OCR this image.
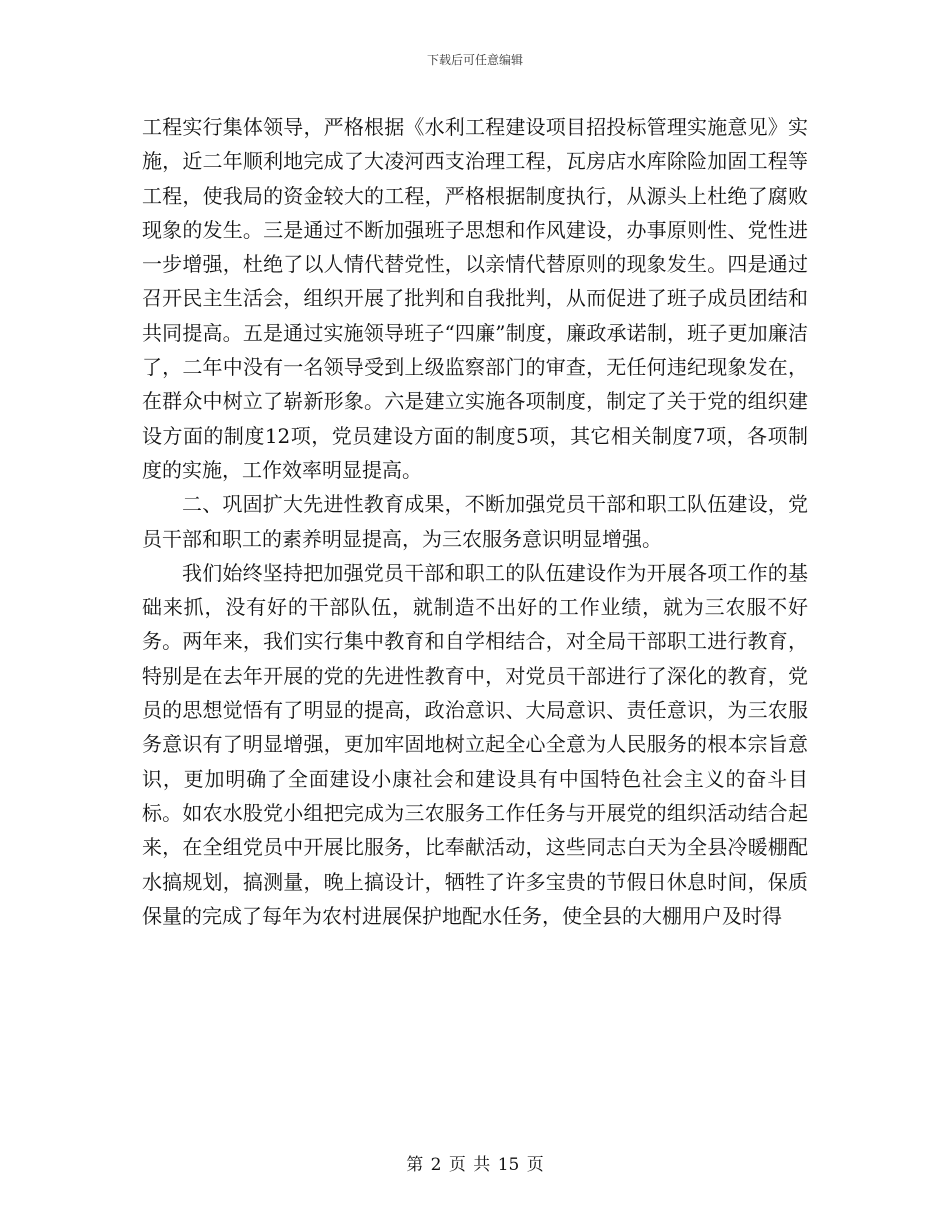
下载后可任意编辑

工程实行集体领导，严格根据《水利工程建设项目招投标管理实施意见》实施，近二年顺利地完成了大凌河西支治理工程，瓦房店水库除险加固工程等工程，使我局的资金较大的工程，严格根据制度执行，从源头上杜绝了腐败现象的发生。三是通过不断加强班子思想和作风建设，办事原则性、党性进一步增强，杜绝了以人情代替党性，以亲情代替原则的现象发生。四是通过召开民主生活会，组织开展了批判和自我批判，从而促进了班子成员团结和共同提高。五是通过实施领导班子“四廉”制度，廉政承诺制，班子更加廉洁了，二年中没有一名领导受到上级监察部门的审查，无任何违纪现象发在，在群众中树立了崭新形象。六是建立实施各项制度，制定了关于党的组织建设方面的制度12项，党员建设方面的制度5项，其它相关制度7项，各项制度的实施，工作效率明显提高。

二、巩固扩大先进性教育成果，不断加强党员干部和职工队伍建设，党员干部和职工的素养明显提高，为三农服务意识明显增强。

我们始终坚持把加强党员干部和职工的队伍建设作为开展各项工作的基础来抓，没有好的干部队伍，就制造不出好的工作业绩，就为三农服不好务。两年来，我们实行集中教育和自学相结合，对全局干部职工进行教育，特别是在去年开展的党的先进性教育中，对党员干部进行了深化的教育，党员的思想觉悟有了明显的提高，政治意识、大局意识、责任意识，为三农服务意识有了明显增强，更加牢固地树立起全心全意为人民服务的根本宗旨意识，更加明确了全面建设小康社会和建设具有中国特色社会主义的奋斗目标。如农水股党小组把完成为三农服务工作任务与开展党的组织活动结合起来，在全组党员中开展比服务，比奉献活动，这些同志白天为全县冷暖棚配水搞规划，搞测量，晚上搞设计，牺牲了许多宝贵的节假日休息时间，保质保量的完成了每年为农村进展保护地配水任务，使全县的大棚用户及时得

第 2 页 共 15 页
